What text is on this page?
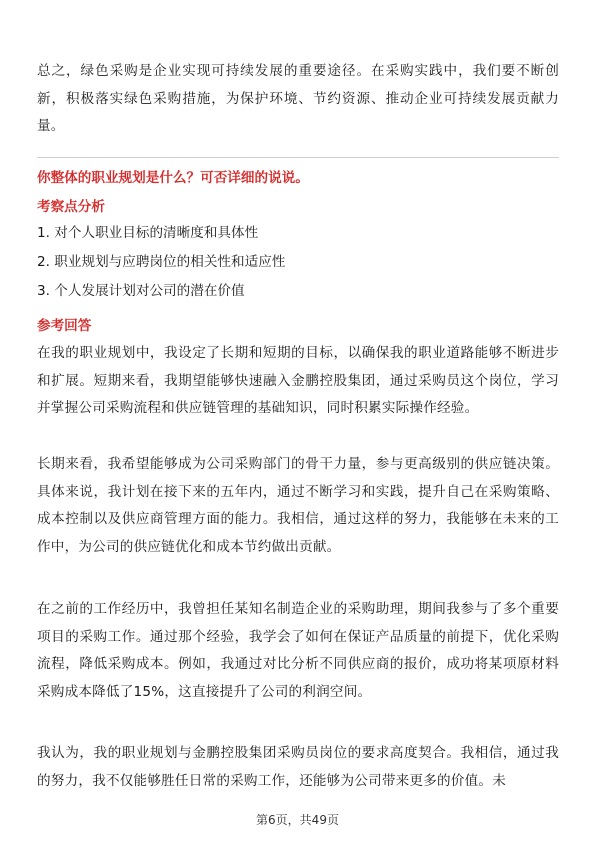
总之，绿色采购是企业实现可持续发展的重要途径。在采购实践中，我们要不断创新，积极落实绿色采购措施，为保护环境、节约资源、推动企业可持续发展贡献力量。

你整体的职业规划是什么？可否详细的说说。

考察点分析

1. 对个人职业目标的清晰度和具体性

2. 职业规划与应聘岗位的相关性和适应性

3. 个人发展计划对公司的潜在价值

参考回答

在我的职业规划中，我设定了长期和短期的目标，以确保我的职业道路能够不断进步和扩展。短期来看，我期望能够快速融入金鹏控股集团，通过采购员这个岗位，学习并掌握公司采购流程和供应链管理的基础知识，同时积累实际操作经验。

长期来看，我希望能够成为公司采购部门的骨干力量，参与更高级别的供应链决策。具体来说，我计划在接下来的五年内，通过不断学习和实践，提升自己在采购策略、成本控制以及供应商管理方面的能力。我相信，通过这样的努力，我能够在未来的工作中，为公司的供应链优化和成本节约做出贡献。

在之前的工作经历中，我曾担任某知名制造企业的采购助理，期间我参与了多个重要项目的采购工作。通过那个经验，我学会了如何在保证产品质量的前提下，优化采购流程，降低采购成本。例如，我通过对比分析不同供应商的报价，成功将某项原材料采购成本降低了15%，这直接提升了公司的利润空间。

我认为，我的职业规划与金鹏控股集团采购员岗位的要求高度契合。我相信，通过我的努力，我不仅能够胜任日常的采购工作，还能够为公司带来更多的价值。未

第6页，共49页
